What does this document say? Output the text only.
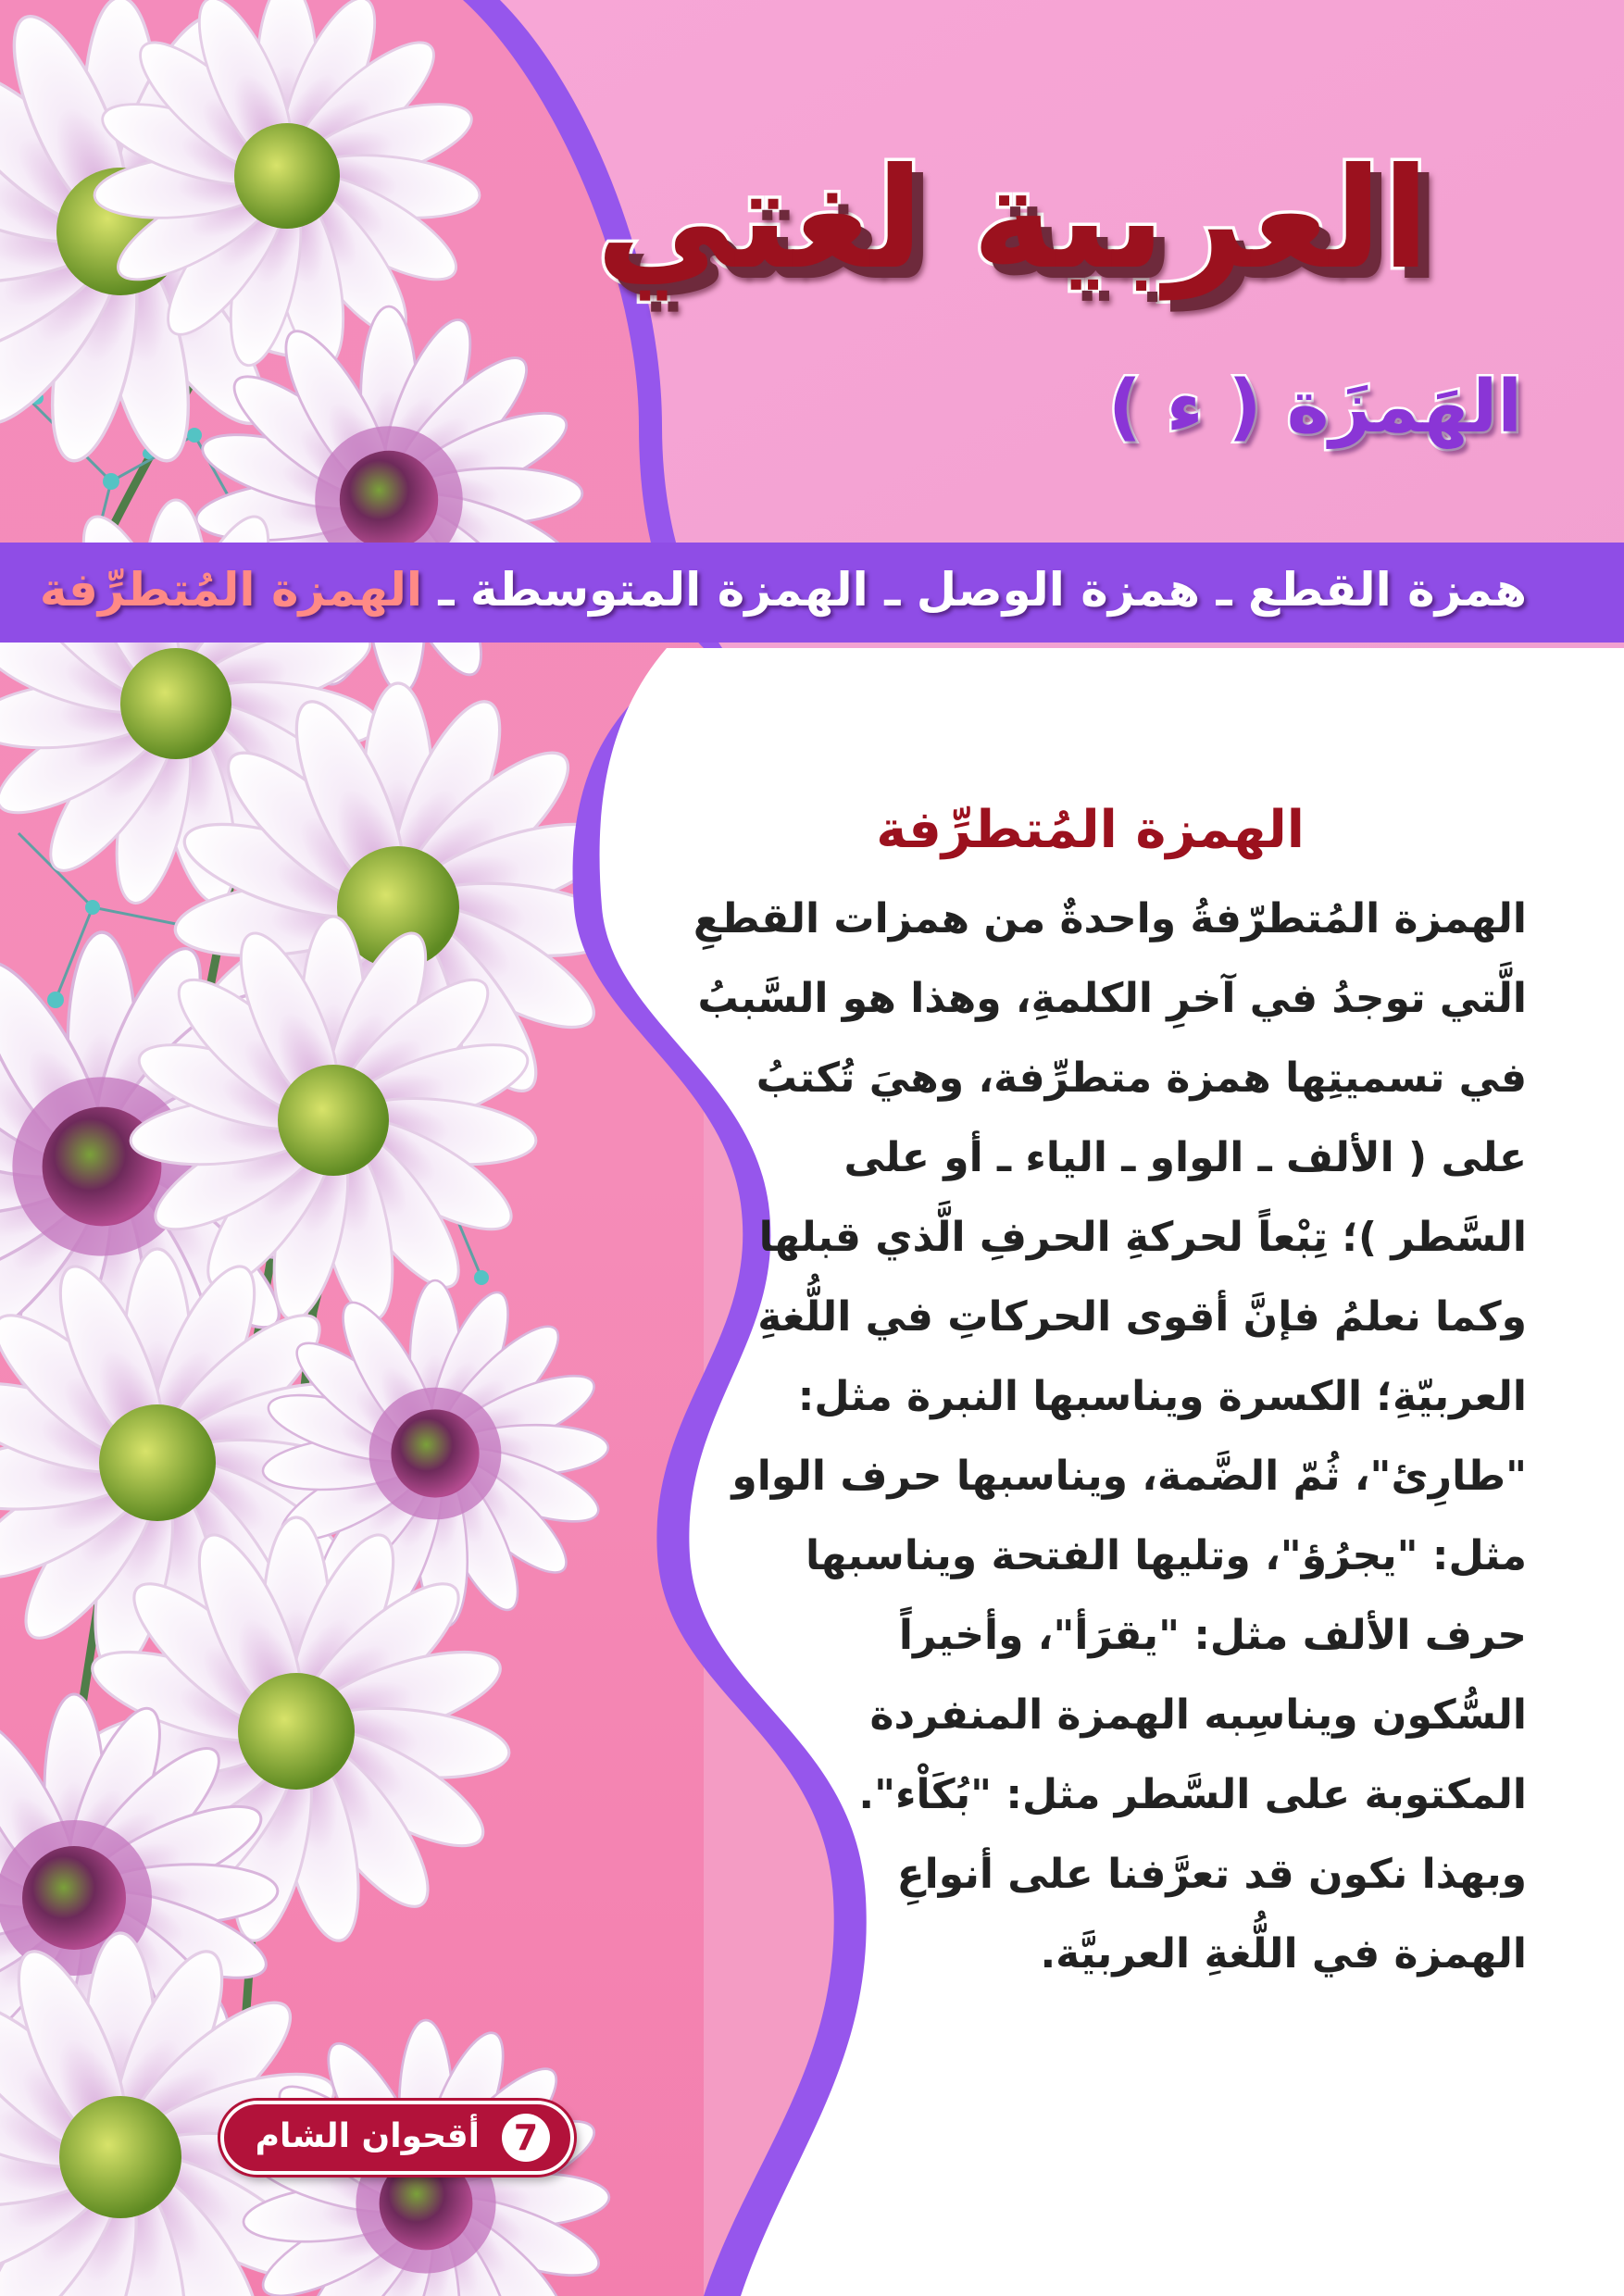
العربية لغتي
الهَمزَة ( ء )
همزة القطع ـ همزة الوصل ـ الهمزة المتوسطة ـ الهمزة المُتطرِّفة
الهمزة المُتطرِّفة
الهمزة المُتطرّفةُ واحدةٌ من همزات القطعِ
الَّتي توجدُ في آخرِ الكلمةِ، وهذا هو السَّببُ
في تسميتِها همزة متطرِّفة، وهيَ تُكتبُ
على ( الألف ـ الواو ـ الياء ـ أو على
السَّطر )؛ تِبْعاً لحركةِ الحرفِ الَّذي قبلها
وكما نعلمُ فإنَّ أقوى الحركاتِ في اللُّغةِ
العربيّةِ؛ الكسرة ويناسبها النبرة مثل:
"طارِئ"، ثُمّ الضَّمة، ويناسبها حرف الواو
مثل: "يجرُؤ"، وتليها الفتحة ويناسبها
حرف الألف مثل: "يقرَأ"، وأخيراً
السُّكون ويناسِبه الهمزة المنفردة
المكتوبة على السَّطر مثل: "بُكَاْء".
وبهذا نكون قد تعرَّفنا على أنواعِ
الهمزة في اللُّغةِ العربيَّة.
7
أقحوان الشام
